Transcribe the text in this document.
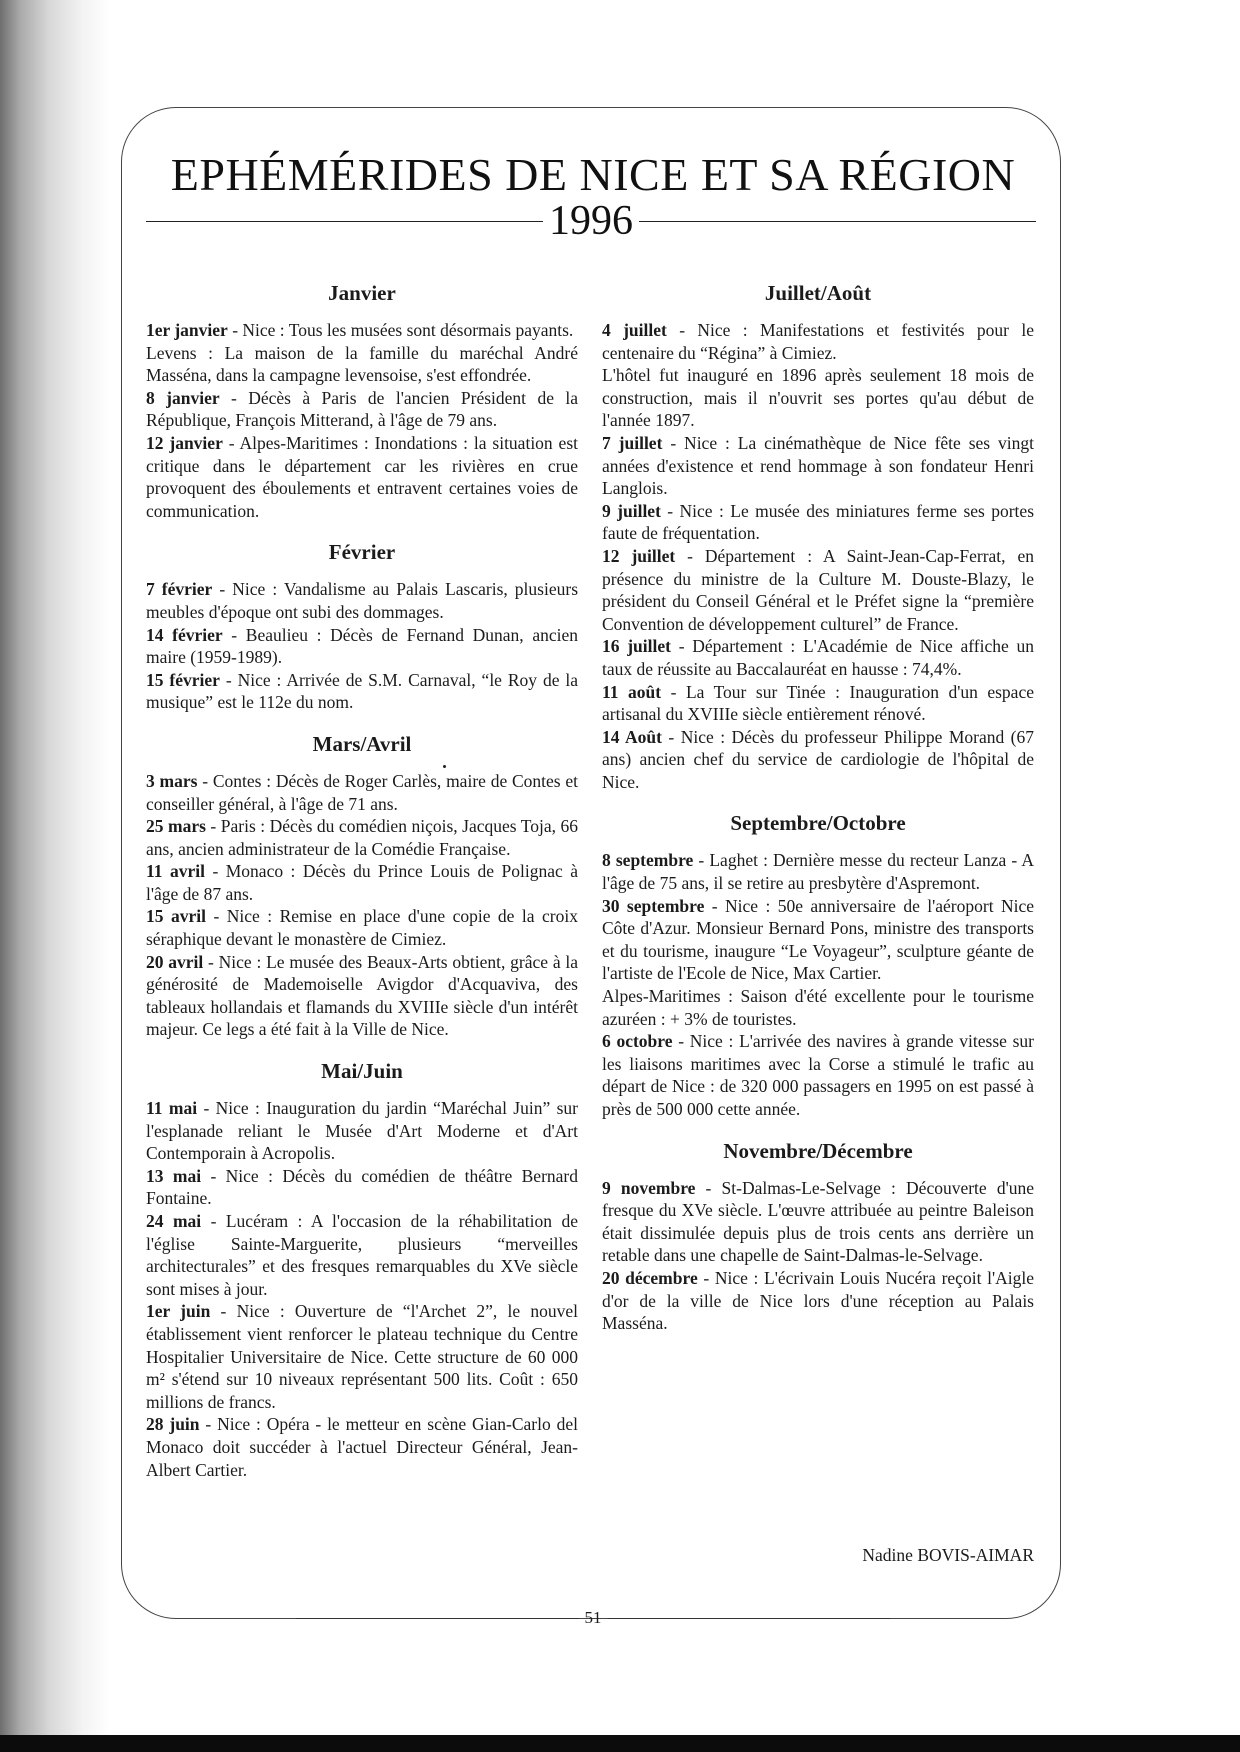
EPHÉMÉRIDES DE NICE ET SA RÉGION
1996
Janvier

1er janvier - Nice : Tous les musées sont désormais payants.

Levens : La maison de la famille du maréchal André Masséna, dans la campagne levensoise, s'est effondrée.

8 janvier - Décès à Paris de l'ancien Président de la République, François Mitterand, à l'âge de 79 ans.

12 janvier - Alpes-Maritimes : Inondations : la situation est critique dans le département car les rivières en crue provoquent des éboulements et entravent certaines voies de communication.

Février

7 février - Nice : Vandalisme au Palais Lascaris, plusieurs meubles d'époque ont subi des dommages.

14 février - Beaulieu : Décès de Fernand Dunan, ancien maire (1959-1989).

15 février - Nice : Arrivée de S.M. Carnaval, “le Roy de la musique” est le 112e du nom.

Mars/Avril

3 mars - Contes : Décès de Roger Carlès, maire de Contes et conseiller général, à l'âge de 71 ans.

25 mars - Paris : Décès du comédien niçois, Jacques Toja, 66 ans, ancien administrateur de la Comédie Française.

11 avril - Monaco : Décès du Prince Louis de Polignac à l'âge de 87 ans.

15 avril - Nice : Remise en place d'une copie de la croix séraphique devant le monastère de Cimiez.

20 avril - Nice : Le musée des Beaux-Arts obtient, grâce à la générosité de Mademoiselle Avigdor d'Acquaviva, des tableaux hollandais et flamands du XVIIIe siècle d'un intérêt majeur. Ce legs a été fait à la Ville de Nice.

Mai/Juin

11 mai - Nice : Inauguration du jardin “Maréchal Juin” sur l'esplanade reliant le Musée d'Art Moderne et d'Art Contemporain à Acropolis.

13 mai - Nice : Décès du comédien de théâtre Bernard Fontaine.

24 mai - Lucéram : A l'occasion de la réhabilitation de l'église Sainte-Marguerite, plusieurs “merveilles architecturales” et des fresques remarquables du XVe siècle sont mises à jour.

1er juin - Nice : Ouverture de “l'Archet 2”, le nouvel établissement vient renforcer le plateau technique du Centre Hospitalier Universitaire de Nice. Cette structure de 60 000 m² s'étend sur 10 niveaux représentant 500 lits. Coût : 650 millions de francs.

28 juin - Nice : Opéra - le metteur en scène Gian-Carlo del Monaco doit succéder à l'actuel Directeur Général, Jean-Albert Cartier.

Juillet/Août

4 juillet - Nice : Manifestations et festivités pour le centenaire du “Régina” à Cimiez.

L'hôtel fut inauguré en 1896 après seulement 18 mois de construction, mais il n'ouvrit ses portes qu'au début de l'année 1897.

7 juillet - Nice : La cinémathèque de Nice fête ses vingt années d'existence et rend hommage à son fondateur Henri Langlois.

9 juillet - Nice : Le musée des miniatures ferme ses portes faute de fréquentation.

12 juillet - Département : A Saint-Jean-Cap-Ferrat, en présence du ministre de la Culture M. Douste-Blazy, le président du Conseil Général et le Préfet signe la “première Convention de développement culturel” de France.

16 juillet - Département : L'Académie de Nice affiche un taux de réussite au Baccalauréat en hausse : 74,4%.

11 août - La Tour sur Tinée : Inauguration d'un espace artisanal du XVIIIe siècle entièrement rénové.

14 Août - Nice : Décès du professeur Philippe Morand (67 ans) ancien chef du service de cardiologie de l'hôpital de Nice.

Septembre/Octobre

8 septembre - Laghet : Dernière messe du recteur Lanza - A l'âge de 75 ans, il se retire au presbytère d'Aspremont.

30 septembre - Nice : 50e anniversaire de l'aéroport Nice Côte d'Azur. Monsieur Bernard Pons, ministre des transports et du tourisme, inaugure “Le Voyageur”, sculpture géante de l'artiste de l'Ecole de Nice, Max Cartier.

Alpes-Maritimes : Saison d'été excellente pour le tourisme azuréen : + 3% de touristes.

6 octobre - Nice : L'arrivée des navires à grande vitesse sur les liaisons maritimes avec la Corse a stimulé le trafic au départ de Nice : de 320 000 passagers en 1995 on est passé à près de 500 000 cette année.

Novembre/Décembre

9 novembre - St-Dalmas-Le-Selvage : Découverte d'une fresque du XVe siècle. L'œuvre attribuée au peintre Baleison était dissimulée depuis plus de trois cents ans derrière un retable dans une chapelle de Saint-Dalmas-le-Selvage.

20 décembre - Nice : L'écrivain Louis Nucéra reçoit l'Aigle d'or de la ville de Nice lors d'une réception au Palais Masséna.

Nadine BOVIS-AIMAR
51
